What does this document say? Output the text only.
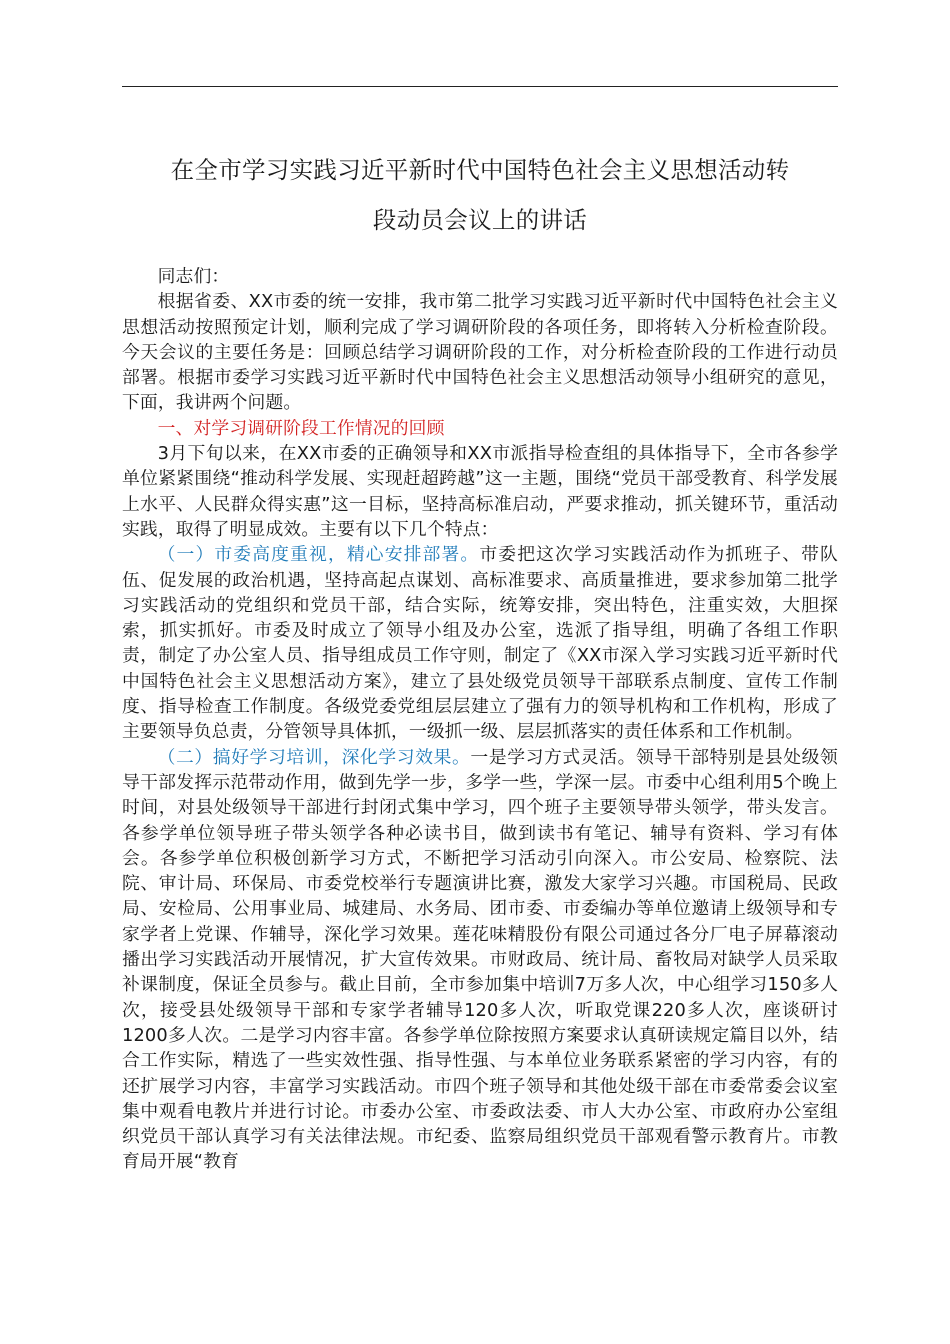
在全市学习实践习近平新时代中国特色社会主义思想活动转
段动员会议上的讲话

同志们：

根据省委、XX市委的统一安排，我市第二批学习实践习近平新时代中国特色社会主义思想活动按照预定计划，顺利完成了学习调研阶段的各项任务，即将转入分析检查阶段。今天会议的主要任务是：回顾总结学习调研阶段的工作，对分析检查阶段的工作进行动员部署。根据市委学习实践习近平新时代中国特色社会主义思想活动领导小组研究的意见，下面，我讲两个问题。

一、对学习调研阶段工作情况的回顾

3月下旬以来，在XX市委的正确领导和XX市派指导检查组的具体指导下，全市各参学单位紧紧围绕“推动科学发展、实现赶超跨越”这一主题，围绕“党员干部受教育、科学发展上水平、人民群众得实惠”这一目标，坚持高标准启动，严要求推动，抓关键环节，重活动实践，取得了明显成效。主要有以下几个特点：

（一）市委高度重视，精心安排部署。市委把这次学习实践活动作为抓班子、带队伍、促发展的政治机遇，坚持高起点谋划、高标准要求、高质量推进，要求参加第二批学习实践活动的党组织和党员干部，结合实际，统筹安排，突出特色，注重实效，大胆探索，抓实抓好。市委及时成立了领导小组及办公室，选派了指导组，明确了各组工作职责，制定了办公室人员、指导组成员工作守则，制定了《XX市深入学习实践习近平新时代中国特色社会主义思想活动方案》，建立了县处级党员领导干部联系点制度、宣传工作制度、指导检查工作制度。各级党委党组层层建立了强有力的领导机构和工作机构，形成了主要领导负总责，分管领导具体抓，一级抓一级、层层抓落实的责任体系和工作机制。

（二）搞好学习培训，深化学习效果。一是学习方式灵活。领导干部特别是县处级领导干部发挥示范带动作用，做到先学一步，多学一些，学深一层。市委中心组利用5个晚上时间，对县处级领导干部进行封闭式集中学习，四个班子主要领导带头领学，带头发言。各参学单位领导班子带头领学各种必读书目，做到读书有笔记、辅导有资料、学习有体会。各参学单位积极创新学习方式，不断把学习活动引向深入。市公安局、检察院、法院、审计局、环保局、市委党校举行专题演讲比赛，激发大家学习兴趣。市国税局、民政局、安检局、公用事业局、城建局、水务局、团市委、市委编办等单位邀请上级领导和专家学者上党课、作辅导，深化学习效果。莲花味精股份有限公司通过各分厂电子屏幕滚动播出学习实践活动开展情况，扩大宣传效果。市财政局、统计局、畜牧局对缺学人员采取补课制度，保证全员参与。截止目前，全市参加集中培训7万多人次，中心组学习150多人次，接受县处级领导干部和专家学者辅导120多人次，听取党课220多人次，座谈研讨1200多人次。二是学习内容丰富。各参学单位除按照方案要求认真研读规定篇目以外，结合工作实际，精选了一些实效性强、指导性强、与本单位业务联系紧密的学习内容，有的还扩展学习内容，丰富学习实践活动。市四个班子领导和其他处级干部在市委常委会议室集中观看电教片并进行讨论。市委办公室、市委政法委、市人大办公室、市政府办公室组织党员干部认真学习有关法律法规。市纪委、监察局组织党员干部观看警示教育片。市教育局开展“教育
